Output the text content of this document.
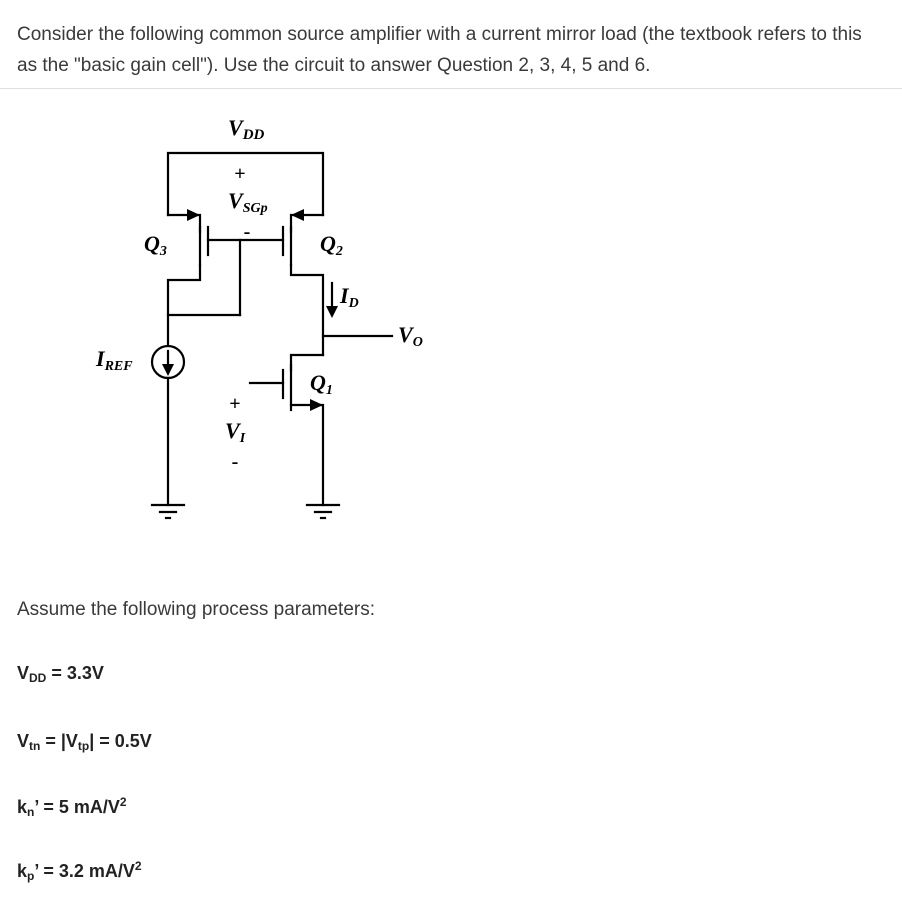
Consider the following common source amplifier with a current mirror load (the textbook refers to this as the "basic gain cell"). Use the circuit to answer Question 2, 3, 4, 5 and 6.
VDD
+
VSGp
-
Q3	Q2
ID
VO
IREF
Q1
+
VI
-
Assume the following process parameters:
$V_{DD} = 3.3V$
$V_{tn} = |V_{tp}| = 0.5V$
$k_n$’ = 5 $mA/V^2$
$k_p$’ = 3.2 $mA/V^2$
